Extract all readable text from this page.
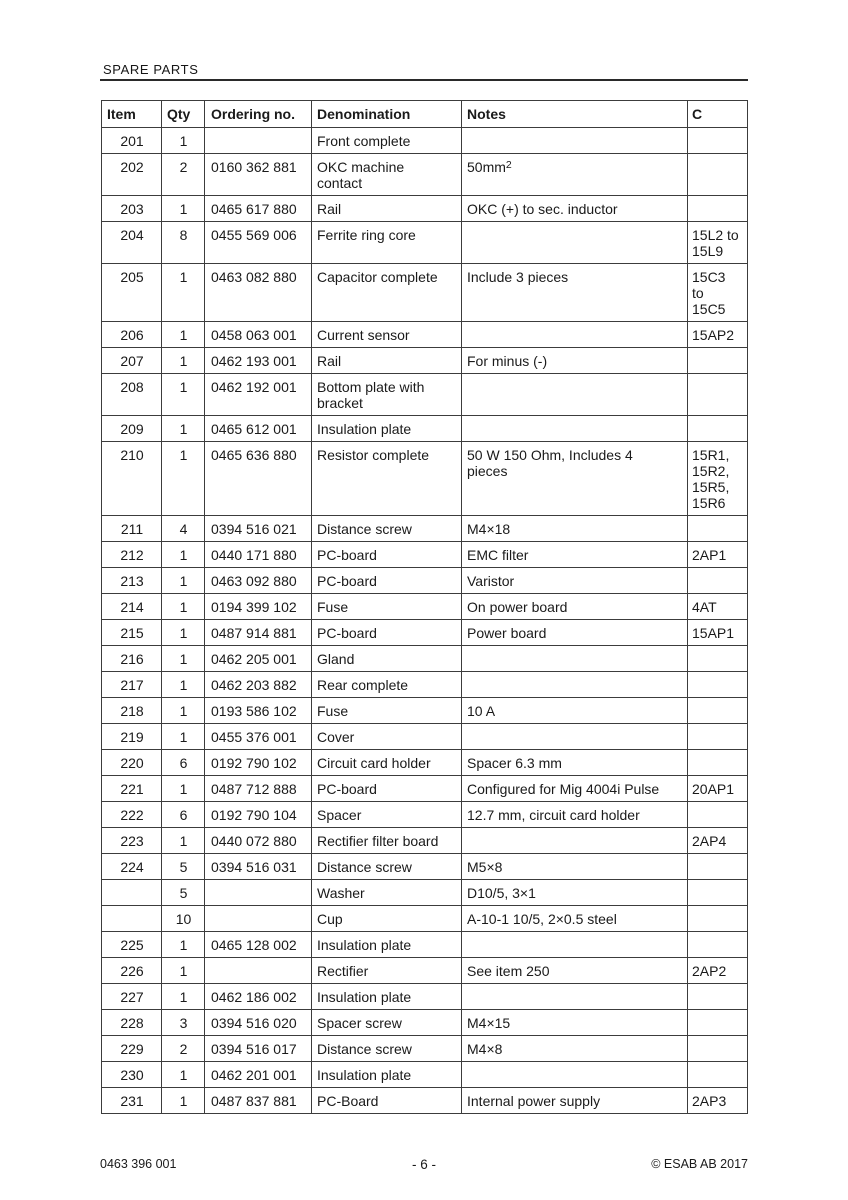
SPARE PARTS
Item	Qty	Ordering no.	Denomination	Notes	C
201	1		Front complete		
202	2	0160 362 881	OKC machine contact	$50mm^2$	
203	1	0465 617 880	Rail	OKC (+) to sec. inductor	
204	8	0455 569 006	Ferrite ring core		15L2 to 15L9
205	1	0463 082 880	Capacitor complete	Include 3 pieces	15C3 to 15C5
206	1	0458 063 001	Current sensor		15AP2
207	1	0462 193 001	Rail	For minus (-)	
208	1	0462 192 001	Bottom plate with bracket		
209	1	0465 612 001	Insulation plate		
210	1	0465 636 880	Resistor complete	50 W 150 Ohm, Includes 4 pieces	15R1, 15R2, 15R5, 15R6
211	4	0394 516 021	Distance screw	M4×18	
212	1	0440 171 880	PC-board	EMC filter	2AP1
213	1	0463 092 880	PC-board	Varistor	
214	1	0194 399 102	Fuse	On power board	4AT
215	1	0487 914 881	PC-board	Power board	15AP1
216	1	0462 205 001	Gland		
217	1	0462 203 882	Rear complete		
218	1	0193 586 102	Fuse	10 A	
219	1	0455 376 001	Cover		
220	6	0192 790 102	Circuit card holder	Spacer 6.3 mm	
221	1	0487 712 888	PC-board	Configured for Mig 4004i Pulse	20AP1
222	6	0192 790 104	Spacer	12.7 mm, circuit card holder	
223	1	0440 072 880	Rectifier filter board		2AP4
224	5	0394 516 031	Distance screw	M5×8	
	5		Washer	D10/5, 3×1	
	10		Cup	A-10-1 10/5, 2×0.5 steel	
225	1	0465 128 002	Insulation plate		
226	1		Rectifier	See item 250	2AP2
227	1	0462 186 002	Insulation plate		
228	3	0394 516 020	Spacer screw	M4×15	
229	2	0394 516 017	Distance screw	M4×8	
230	1	0462 201 001	Insulation plate		
231	1	0487 837 881	PC-Board	Internal power supply	2AP3
0463 396 001	- 6 -	© ESAB AB 2017
